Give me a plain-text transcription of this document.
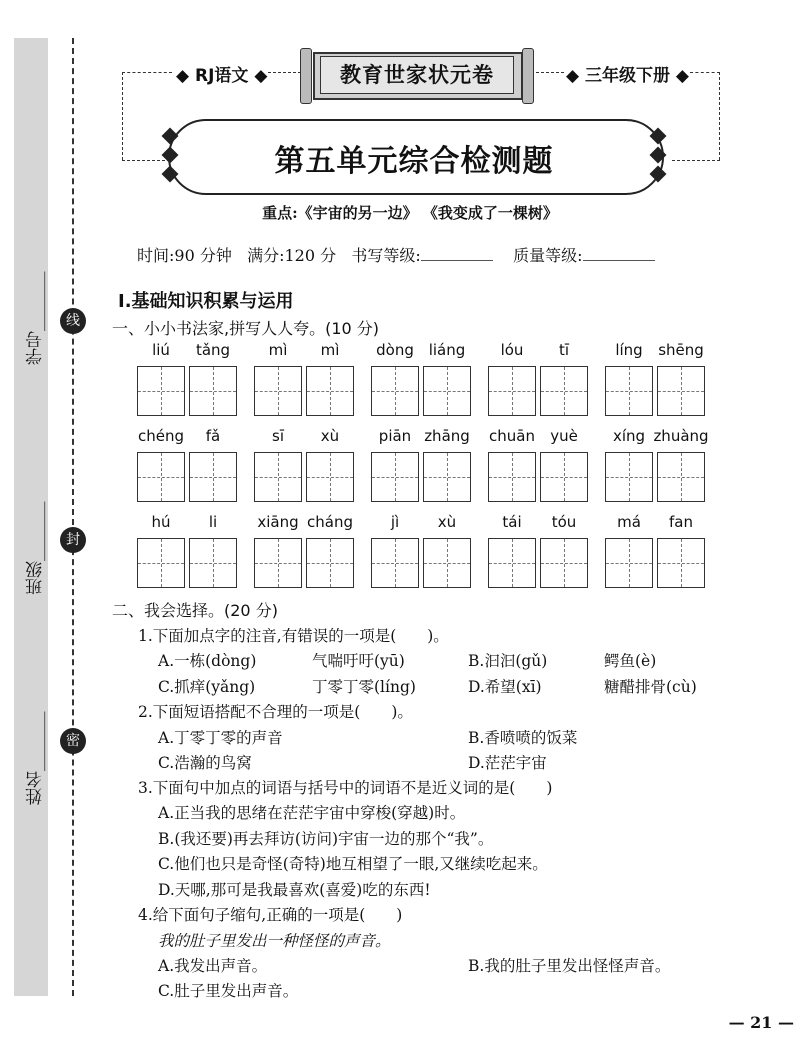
学号_______
班级_______
姓名_______
线
封
密
◆ RJ语文 ◆	教育世家状元卷	◆ 三年级下册 ◆
第五单元综合检测题
重点:《宇宙的另一边》 《我变成了一棵树》
时间:90 分钟 满分:120 分 书写等级:	质量等级:
Ⅰ.基础知识积累与运用
一、小小书法家,拼写人人夸。(10 分)
liú	tǎng	mì	mì	dòng liáng	lóu	tī	líng	shēng
chéng	fǎ	sī	xù	piān zhāng	chuān	yuè	xíng zhuàng
hú	li	xiāng cháng	jì	xù	tái	tóu	má	fan
二、我会选择。(20 分)
1.下面加点字的注音,有错误的一项是(　　)。
A.一栋(dòng)	气喘吁吁(yū)	B.汩汩(gǔ)	鳄鱼(è)
C.抓痒(yǎng)	丁零丁零(líng)	D.希望(xī)	糖醋排骨(cù)
2.下面短语搭配不合理的一项是(　　)。
A.丁零丁零的声音	B.香喷喷的饭菜
C.浩瀚的鸟窝	D.茫茫宇宙
3.下面句中加点的词语与括号中的词语不是近义词的是(　　)
A.正当我的思绪在茫茫宇宙中穿梭(穿越)时。
B.(我还要)再去拜访(访问)宇宙一边的那个“我”。
C.他们也只是奇怪(奇特)地互相望了一眼,又继续吃起来。
D.天哪,那可是我最喜欢(喜爱)吃的东西!
4.给下面句子缩句,正确的一项是(　　)
我的肚子里发出一种怪怪的声音。
A.我发出声音。	B.我的肚子里发出怪怪声音。
C.肚子里发出声音。
— 21 —
